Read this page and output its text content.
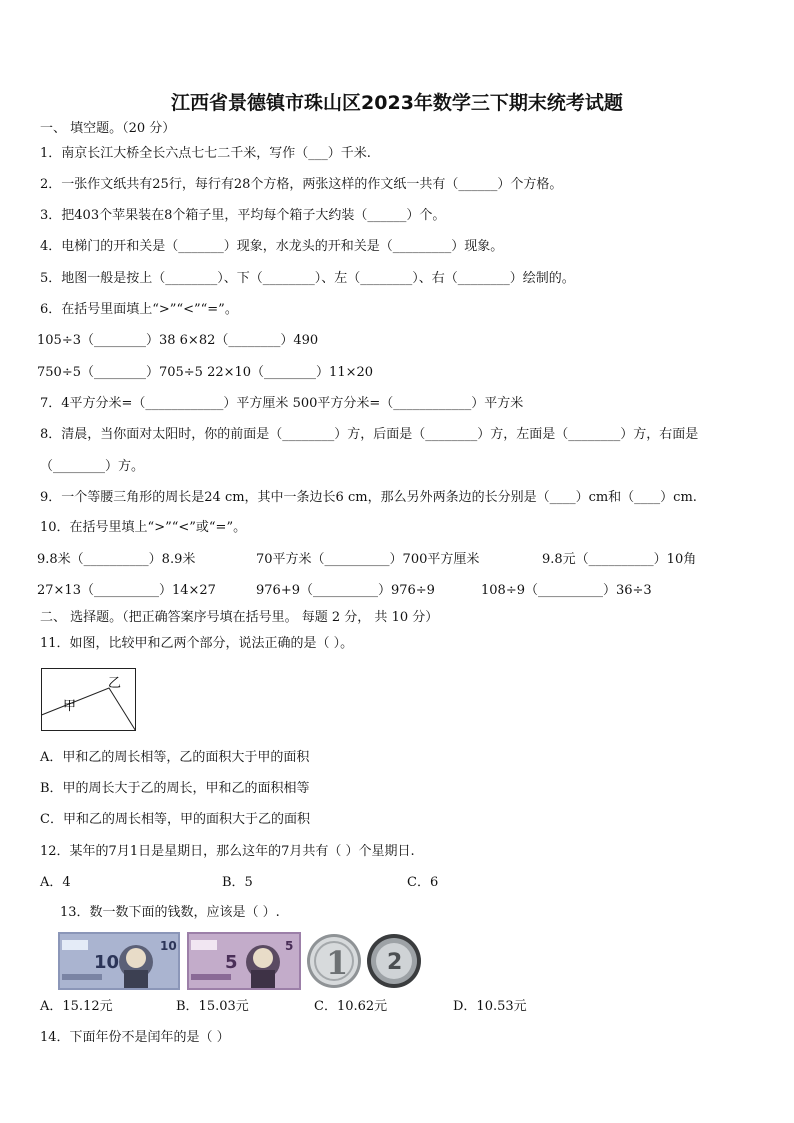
江西省景德镇市珠山区2023年数学三下期末统考试题
一、 填空题。（20 分）
1．南京长江大桥全长六点七七二千米，写作（___）千米.
2．一张作文纸共有25行，每行有28个方格，两张这样的作文纸一共有（______）个方格。
3．把403个苹果装在8个箱子里，平均每个箱子大约装（______）个。
4．电梯门的开和关是（_______）现象，水龙头的开和关是（_________）现象。
5．地图一般是按上（________）、下（________）、左（________）、右（________）绘制的。
6．在括号里面填上“>”“<”“=”。
105÷3（________）38 6×82（________）490
750÷5（________）705÷5 22×10（________）11×20
7．4平方分米=（____________）平方厘米 500平方分米=（____________）平方米
8．清晨，当你面对太阳时，你的前面是（________）方，后面是（________）方，左面是（________）方，右面是
（________）方。
9．一个等腰三角形的周长是24 cm，其中一条边长6 cm，那么另外两条边的长分别是（____）cm和（____）cm.
10．在括号里填上“>”“<”或“=”。
9.8米（__________）8.9米	70平方米（__________）700平方厘米	9.8元（__________）10角
27×13（__________）14×27	976+9（__________）976÷9	108÷9（__________）36÷3
二、 选择题。（把正确答案序号填在括号里。 每题 2 分， 共 10 分）
11．如图，比较甲和乙两个部分，说法正确的是（ ）。
甲
乙
A．甲和乙的周长相等，乙的面积大于甲的面积
B．甲的周长大于乙的周长，甲和乙的面积相等
C．甲和乙的周长相等，甲的面积大于乙的面积
12．某年的7月1日是星期日，那么这年的7月共有（ ）个星期日.
A．4	B．5	C．6
13．数一数下面的钱数，应该是（ ）.
10
10
5
5 1 2
A．15.12元	B．15.03元	C．10.62元	D．10.53元
14．下面年份不是闰年的是（ ）
